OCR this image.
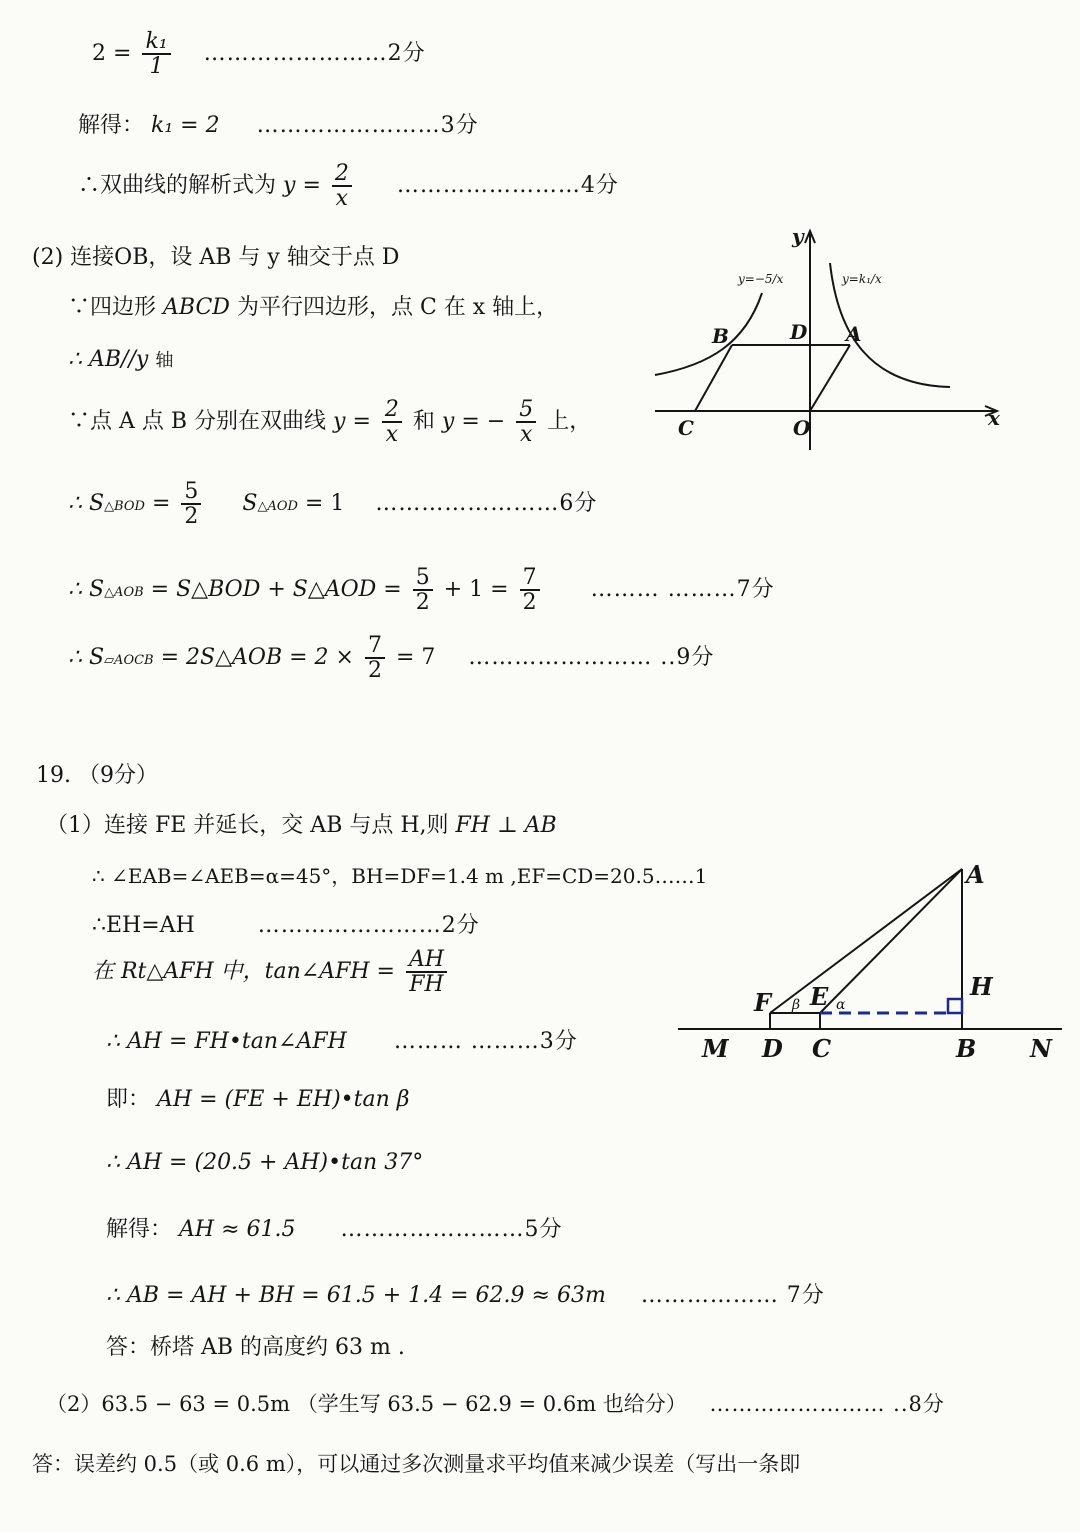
$2 = \frac{\text{k₁}}{1}$ ……………………2分
解得： k₁ = 2 ……………………3分
∴双曲线的解析式为 $y = \frac{2}{x}$ ……………………4分
(2) 连接OB，设 AB 与 y 轴交于点 D
∵四边形 ABCD 为平行四边形，点 C 在 x 轴上，
∴ AB//y 轴
∵点 A 点 B 分别在双曲线 $y = \frac{2}{x}$ 和 y = − $\frac{5}{x}$ 上，
∴ S△BOD = $\frac{5}{2}$ S△AOD = 1 ……………………6分
∴ S△AOB = S△BOD + S△AOD = $\frac{5}{2} + 1 = \frac{7}{2}$ ……… ………7分
∴ S▱AOCB = 2S△AOB = $2 \times \frac{7}{2} = 7$ …………………… ..9分
y
x
B	D A
C	O
y=−5/x	y=k₁/x
19. （9分）
（1）连接 FE 并延长，交 AB 与点 H,则 FH ⊥ AB
∴ ∠EAB=∠AEB=α=45°，BH=DF=1.4 m ,EF=CD=20.5……1
∴EH=AH	……………………2分
在 Rt△AFH 中，tan∠AFH = $\frac{AH}{FH}$
∴ AH = FH•tan∠AFH ……… ………3分
即： AH = (FE + EH)•tan β
∴ AH = (20.5 + AH)•tan 37°
解得： AH ≈ 61.5 ……………………5分
∴ AB = AH + BH = 61.5 + 1.4 = 62.9 ≈ 63m ……………… 7分
答：桥塔 AB 的高度约 63 m .
（2）63.5 − 63 = 0.5m （学生写 63.5 − 62.9 = 0.6m 也给分） …………………… ..8分
答：误差约 0.5（或 0.6 m），可以通过多次测量求平均值来减少误差（写出一条即
A
H
F E
M D C	B N
β	α
